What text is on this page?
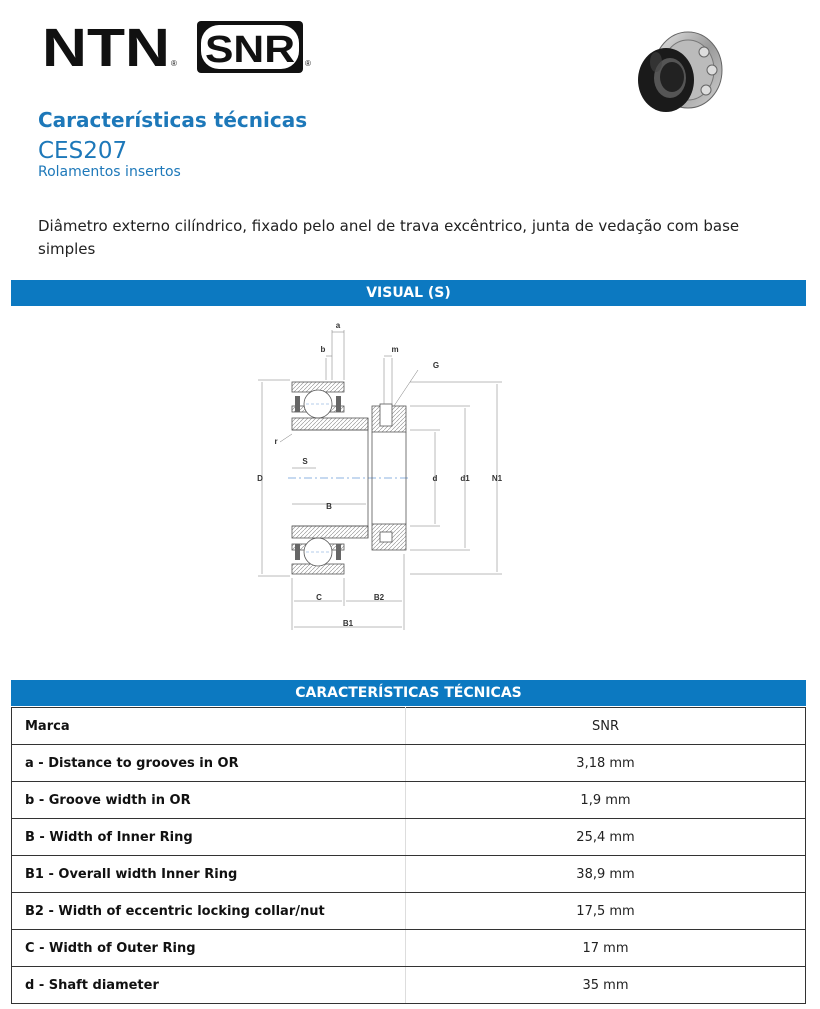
NTN ® SNR ®
Características técnicas
CES207
Rolamentos insertos
Diâmetro externo cilíndrico, fixado pelo anel de trava excêntrico, junta de vedação com base simples
VISUAL (S)
a
b	m
G
r
S
D	d	d1	N1
B
C	B2
B1
CARACTERÍSTICAS TÉCNICAS
Marca	SNR
a - Distance to grooves in OR	3,18 mm
b - Groove width in OR	1,9 mm
B - Width of Inner Ring	25,4 mm
B1 - Overall width Inner Ring	38,9 mm
B2 - Width of eccentric locking collar/nut	17,5 mm
C - Width of Outer Ring	17 mm
d - Shaft diameter	35 mm
